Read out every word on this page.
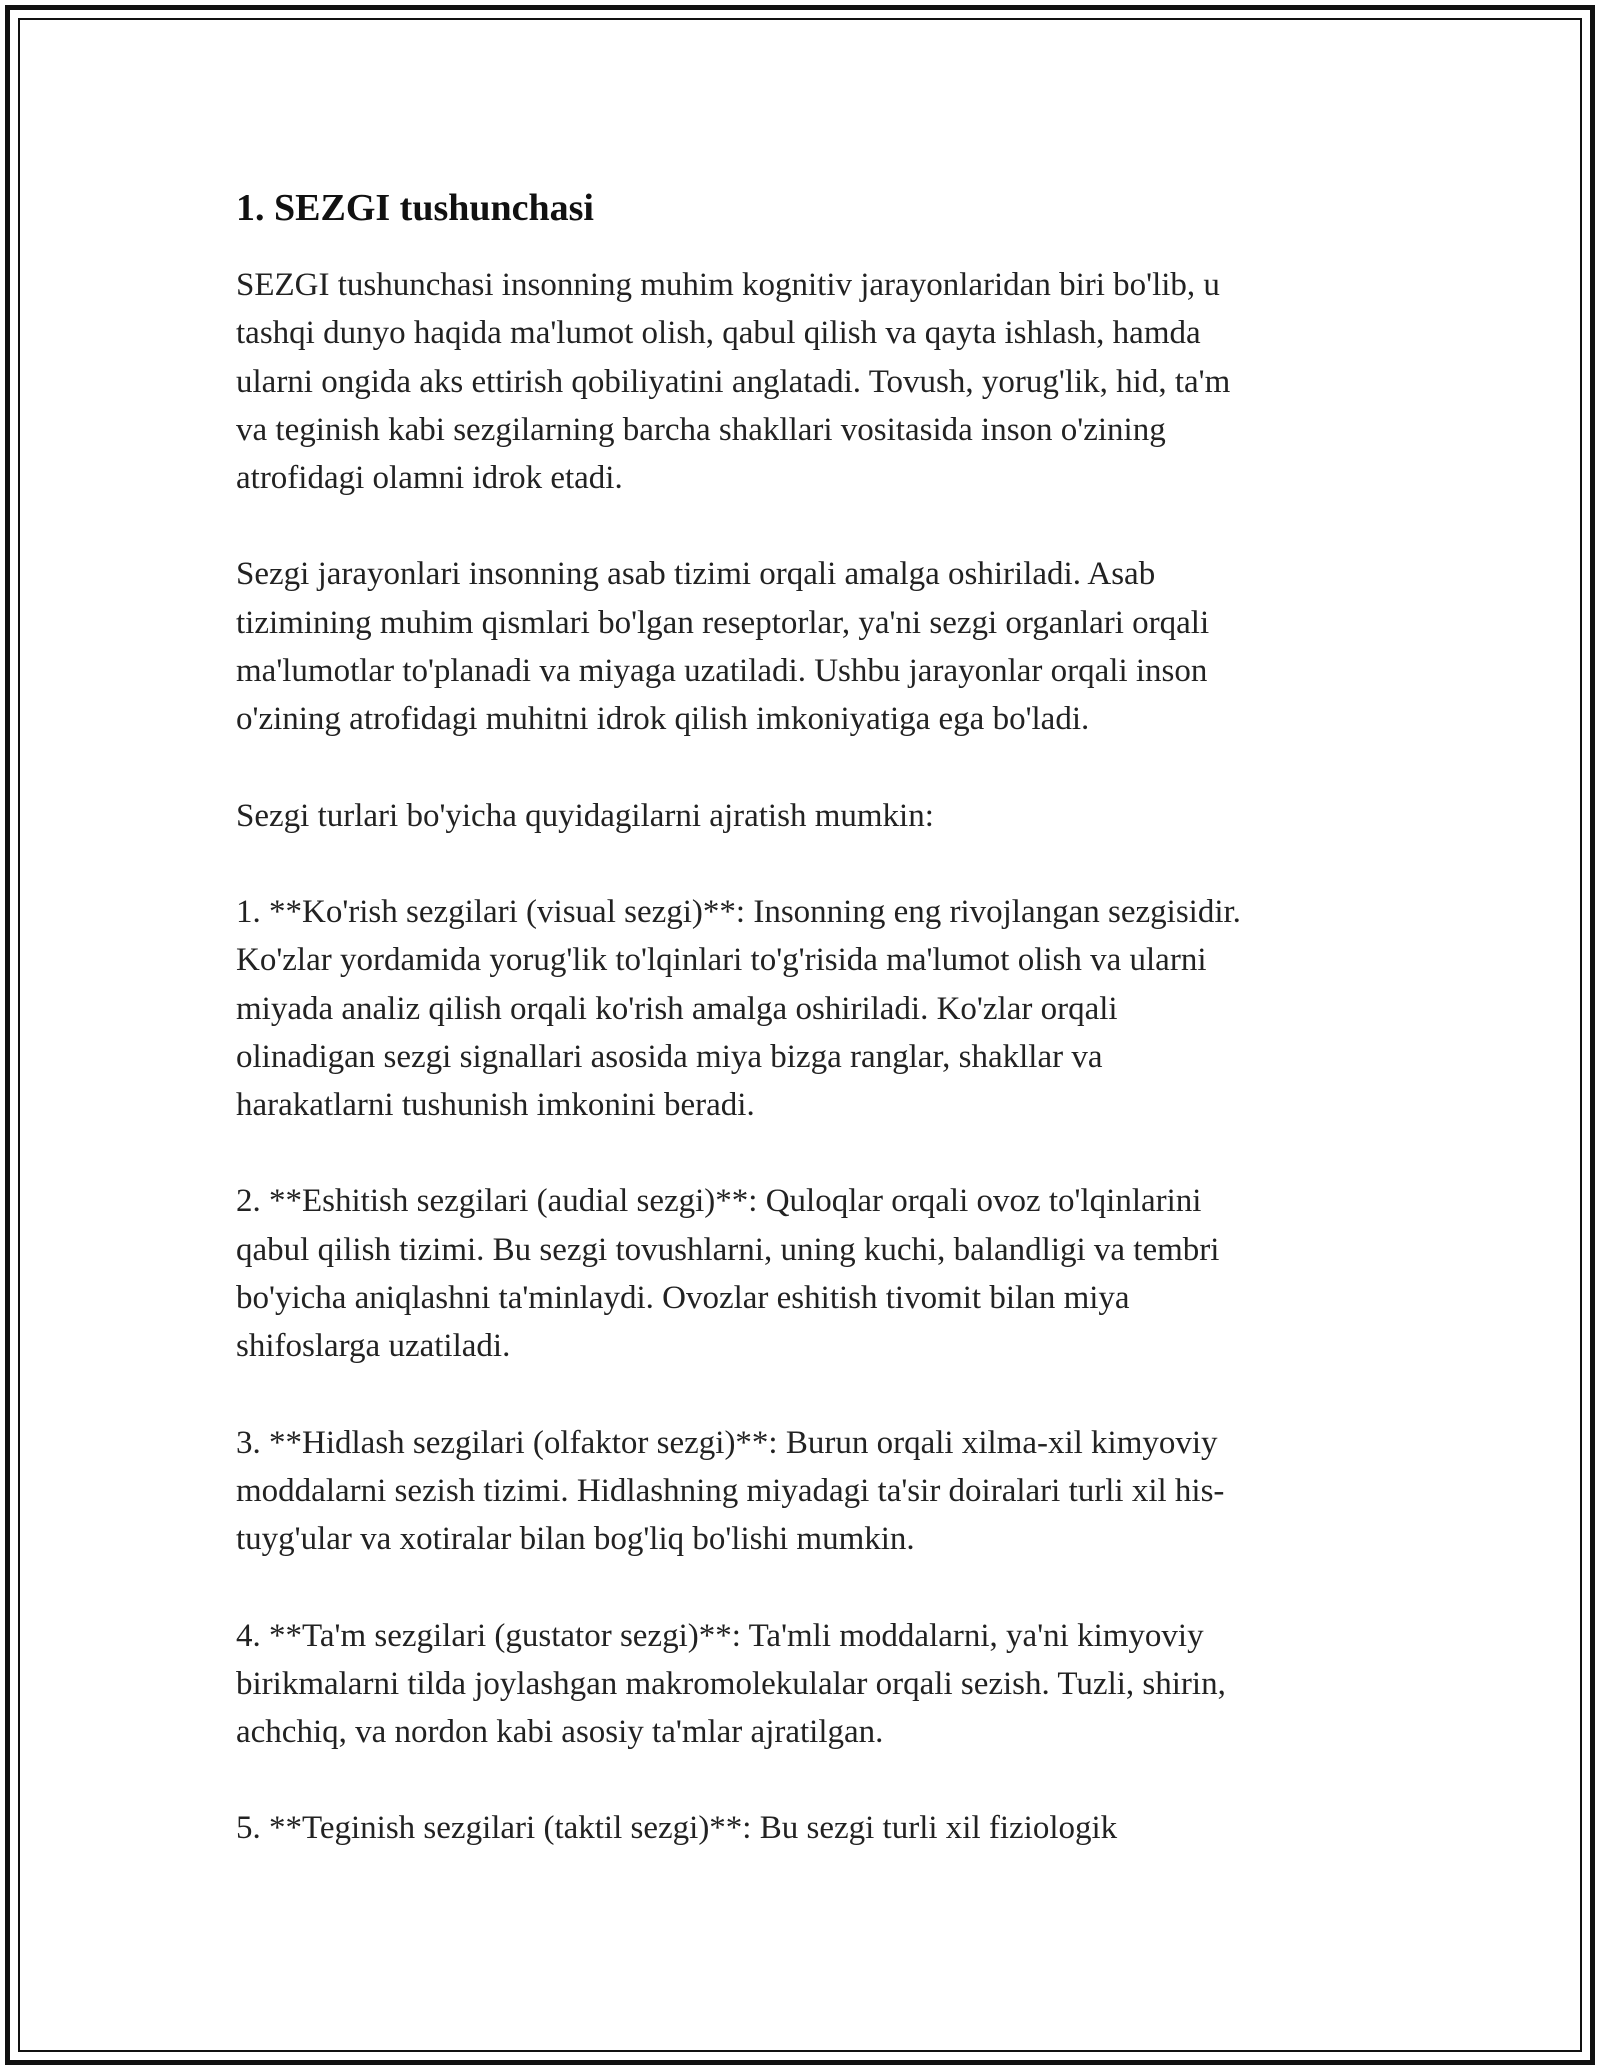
1. SEZGI tushunchasi

SEZGI tushunchasi insonning muhim kognitiv jarayonlaridan biri bo'lib, u
tashqi dunyo haqida ma'lumot olish, qabul qilish va qayta ishlash, hamda
ularni ongida aks ettirish qobiliyatini anglatadi. Tovush, yorug'lik, hid, ta'm
va teginish kabi sezgilarning barcha shakllari vositasida inson o'zining
atrofidagi olamni idrok etadi.

Sezgi jarayonlari insonning asab tizimi orqali amalga oshiriladi. Asab
tizimining muhim qismlari bo'lgan reseptorlar, ya'ni sezgi organlari orqali
ma'lumotlar to'planadi va miyaga uzatiladi. Ushbu jarayonlar orqali inson
o'zining atrofidagi muhitni idrok qilish imkoniyatiga ega bo'ladi.

Sezgi turlari bo'yicha quyidagilarni ajratish mumkin:

1. **Ko'rish sezgilari (visual sezgi)**: Insonning eng rivojlangan sezgisidir.
Ko'zlar yordamida yorug'lik to'lqinlari to'g'risida ma'lumot olish va ularni
miyada analiz qilish orqali ko'rish amalga oshiriladi. Ko'zlar orqali
olinadigan sezgi signallari asosida miya bizga ranglar, shakllar va
harakatlarni tushunish imkonini beradi.

2. **Eshitish sezgilari (audial sezgi)**: Quloqlar orqali ovoz to'lqinlarini
qabul qilish tizimi. Bu sezgi tovushlarni, uning kuchi, balandligi va tembri
bo'yicha aniqlashni ta'minlaydi. Ovozlar eshitish tivomit bilan miya
shifoslarga uzatiladi.

3. **Hidlash sezgilari (olfaktor sezgi)**: Burun orqali xilma-xil kimyoviy
moddalarni sezish tizimi. Hidlashning miyadagi ta'sir doiralari turli xil his-
tuyg'ular va xotiralar bilan bog'liq bo'lishi mumkin.

4. **Ta'm sezgilari (gustator sezgi)**: Ta'mli moddalarni, ya'ni kimyoviy
birikmalarni tilda joylashgan makromolekulalar orqali sezish. Tuzli, shirin,
achchiq, va nordon kabi asosiy ta'mlar ajratilgan.

5. **Teginish sezgilari (taktil sezgi)**: Bu sezgi turli xil fiziologik
